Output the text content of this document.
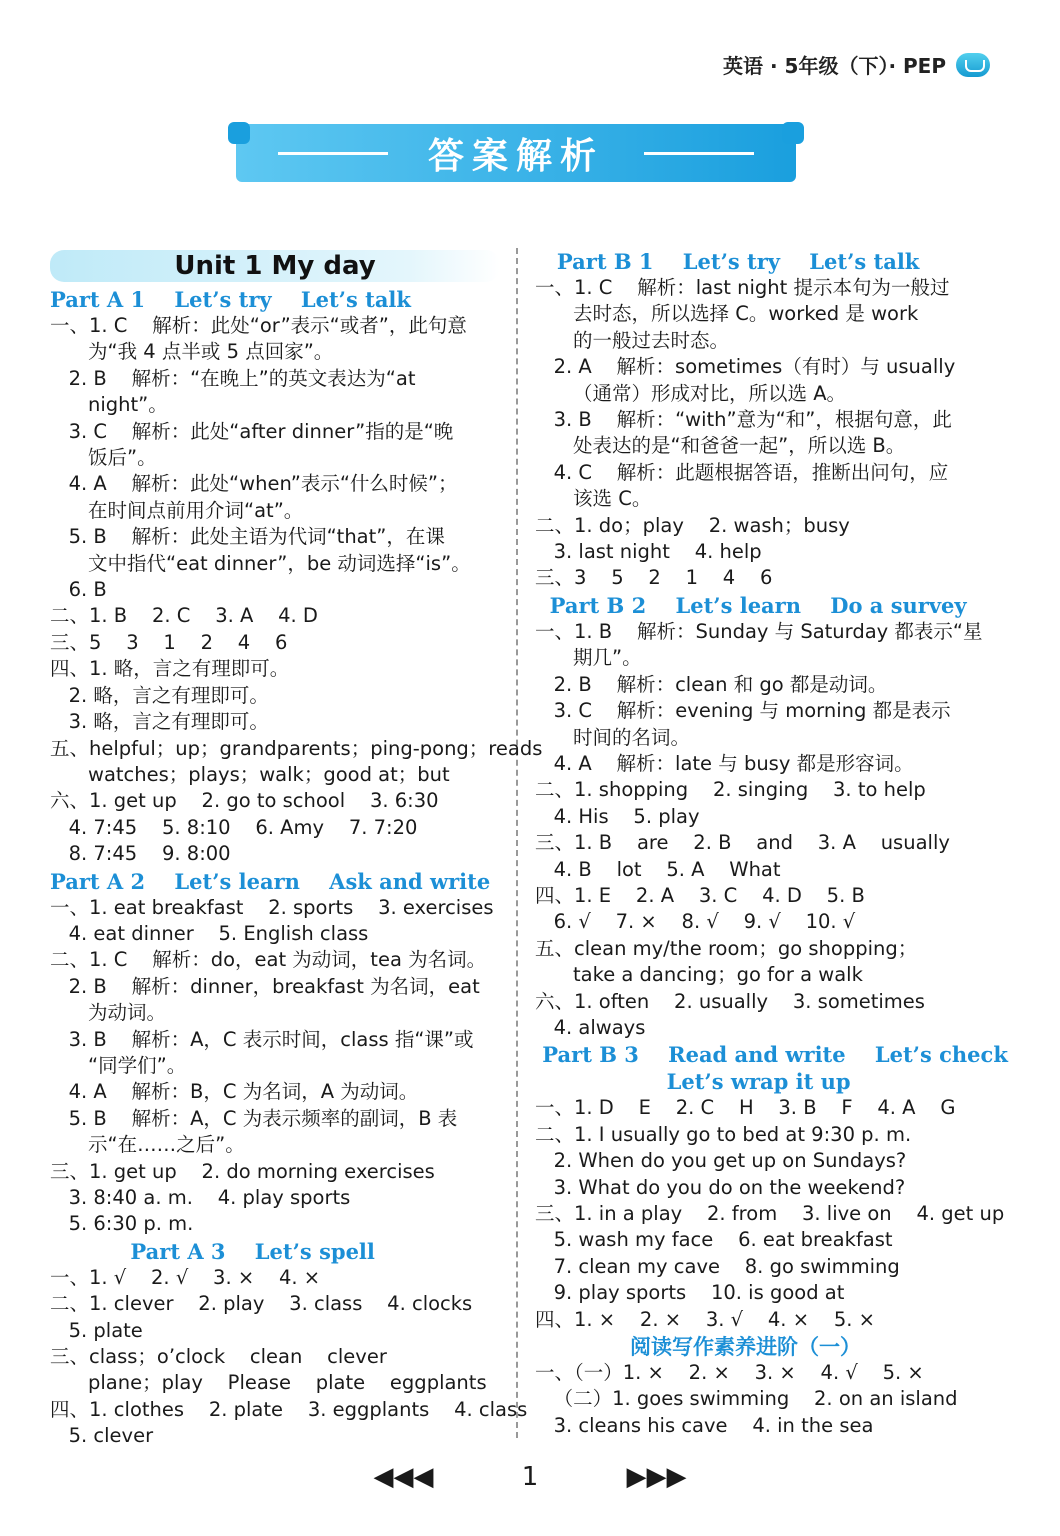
英语 · 5年级（下）· PEP
答案解析
Unit 1 My day
Part A 1    Let’s try    Let’s talk
一、1. C    解析：此处“or”表示“或者”，此句意
为“我 4 点半或 5 点回家”。
2. B    解析：“在晚上”的英文表达为“at
night”。
3. C    解析：此处“after dinner”指的是“晚
饭后”。
4. A    解析：此处“when”表示“什么时候”；
在时间点前用介词“at”。
5. B    解析：此处主语为代词“that”，在课
文中指代“eat dinner”，be 动词选择“is”。
6. B
二、1. B    2. C    3. A    4. D
三、5    3    1    2    4    6
四、1. 略，言之有理即可。
2. 略，言之有理即可。
3. 略，言之有理即可。
五、helpful；up；grandparents；ping-pong；reads
watches；plays；walk；good at；but
六、1. get up    2. go to school    3. 6:30
4. 7:45    5. 8:10    6. Amy    7. 7:20
8. 7:45    9. 8:00
Part A 2    Let’s learn    Ask and write
一、1. eat breakfast    2. sports    3. exercises
4. eat dinner    5. English class
二、1. C    解析：do，eat 为动词，tea 为名词。
2. B    解析：dinner，breakfast 为名词，eat
为动词。
3. B    解析：A，C 表示时间，class 指“课”或
“同学们”。
4. A    解析：B，C 为名词，A 为动词。
5. B    解析：A，C 为表示频率的副词，B 表
示“在……之后”。
三、1. get up    2. do morning exercises
3. 8:40 a. m.    4. play sports
5. 6:30 p. m.
Part A 3    Let’s spell
一、1. √    2. √    3. ×    4. ×
二、1. clever    2. play    3. class    4. clocks
5. plate
三、class；o’clock    clean    clever
plane；play    Please    plate    eggplants
四、1. clothes    2. plate    3. eggplants    4. class
5. clever
Part B 1    Let’s try    Let’s talk
一、1. C    解析：last night 提示本句为一般过
去时态，所以选择 C。worked 是 work
的一般过去时态。
2. A    解析：sometimes（有时）与 usually
（通常）形成对比，所以选 A。
3. B    解析：“with”意为“和”，根据句意，此
处表达的是“和爸爸一起”，所以选 B。
4. C    解析：此题根据答语，推断出问句，应
该选 C。
二、1. do；play    2. wash；busy
3. last night    4. help
三、3    5    2    1    4    6
Part B 2    Let’s learn    Do a survey
一、1. B    解析：Sunday 与 Saturday 都表示“星
期几”。
2. B    解析：clean 和 go 都是动词。
3. C    解析：evening 与 morning 都是表示
时间的名词。
4. A    解析：late 与 busy 都是形容词。
二、1. shopping    2. singing    3. to help
4. His    5. play
三、1. B    are    2. B    and    3. A    usually
4. B    lot    5. A    What
四、1. E    2. A    3. C    4. D    5. B
6. √    7. ×    8. √    9. √    10. √
五、clean my/the room；go shopping；
take a dancing；go for a walk
六、1. often    2. usually    3. sometimes
4. always
Part B 3    Read and write    Let’s check
Let’s wrap it up
一、1. D    E    2. C    H    3. B    F    4. A    G
二、1. I usually go to bed at 9:30 p. m.
2. When do you get up on Sundays?
3. What do you do on the weekend?
三、1. in a play    2. from    3. live on    4. get up
5. wash my face    6. eat breakfast
7. clean my cave    8. go swimming
9. play sports    10. is good at
四、1. ×    2. ×    3. √    4. ×    5. ×
阅读写作素养进阶（一）
一、（一）1. ×    2. ×    3. ×    4. √    5. ×
（二）1. goes swimming    2. on an island
3. cleans his cave    4. in the sea
◀◀◀	1	▶▶▶
